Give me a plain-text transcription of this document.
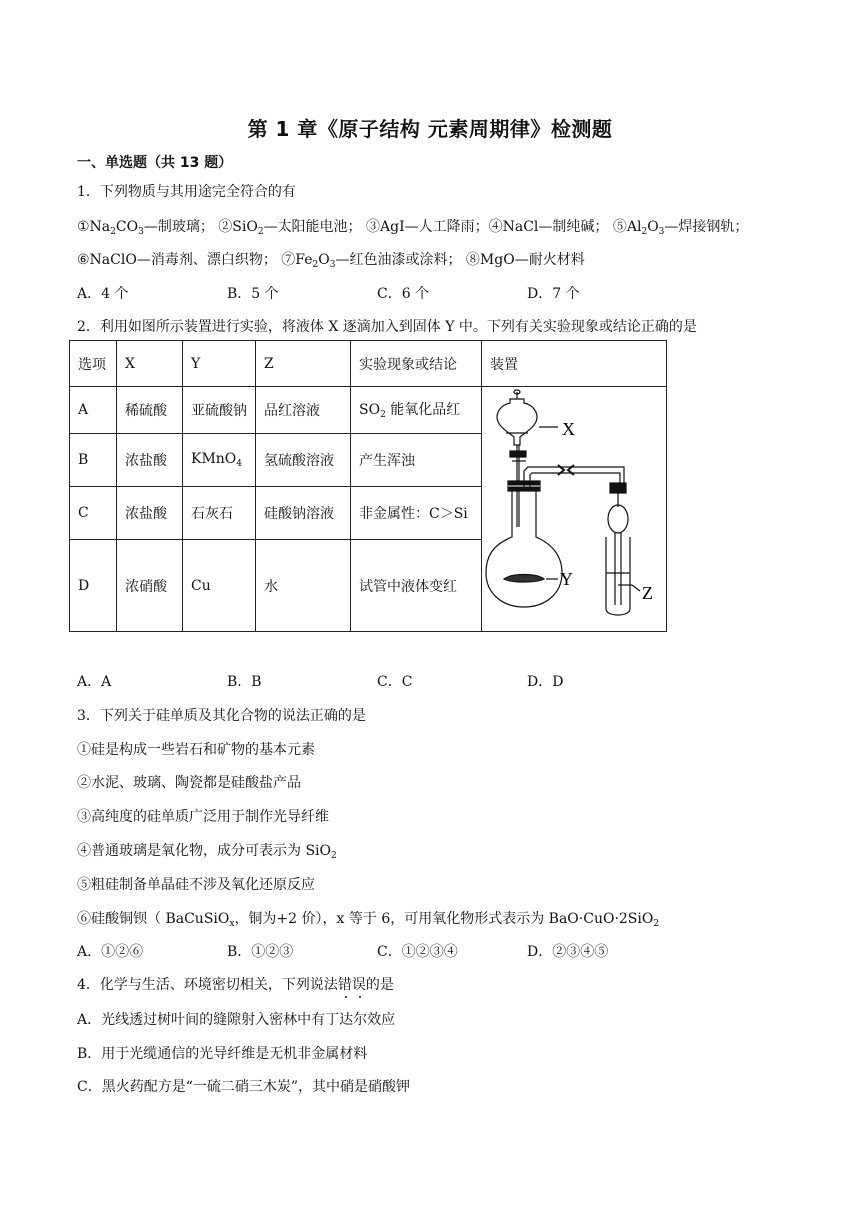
第 1 章《原子结构 元素周期律》检测题
一、单选题（共 13 题）
1．下列物质与其用途完全符合的有
$①Na_2CO_3—$制玻璃； ②SiO$_2$—太阳能电池； ③AgI—人工降雨；④NaCl—制纯碱； $⑤Al_2O_3—$焊接钢轨；
⑥NaClO—消毒剂、漂白织物； $⑦Fe_2O_3—$红色油漆或涂料； ⑧MgO—耐火材料
A．4 个	B．5 个	C．6 个	D．7 个
2．利用如图所示装置进行实验，将液体 X 逐滴加入到固体 Y 中。下列有关实验现象或结论正确的是
选项	X	Y	Z	实验现象或结论	装置
A	稀硫酸	亚硫酸钠	品红溶液	$SO_2$ 能氧化品红	X
Y
Z

B	浓盐酸	KMnO$_4$	氢硫酸溶液	产生浑浊	
C	浓盐酸	石灰石	硅酸钠溶液	非金属性：C＞Si	
D	浓硝酸	Cu	水	试管中液体变红	
A．A	B．B	C．C	D．D
3．下列关于硅单质及其化合物的说法正确的是
①硅是构成一些岩石和矿物的基本元素
②水泥、玻璃、陶瓷都是硅酸盐产品
③高纯度的硅单质广泛用于制作光导纤维
④普通玻璃是氧化物，成分可表示为 SiO$_2$
⑤粗硅制备单晶硅不涉及氧化还原反应
⑥硅酸铜钡（ BaCuSiO$_x$，铜为+2 价），x 等于 6，可用氧化物形式表示为 BaO·CuO·2SiO$_2$
A．①②⑥	B．①②③	C．①②③④	D．②③④⑤
4．化学与生活、环境密切相关，下列说法错误的是
A．光线透过树叶间的缝隙射入密林中有丁达尔效应
B．用于光缆通信的光导纤维是无机非金属材料
C．黑火药配方是“一硫二硝三木炭”，其中硝是硝酸钾
